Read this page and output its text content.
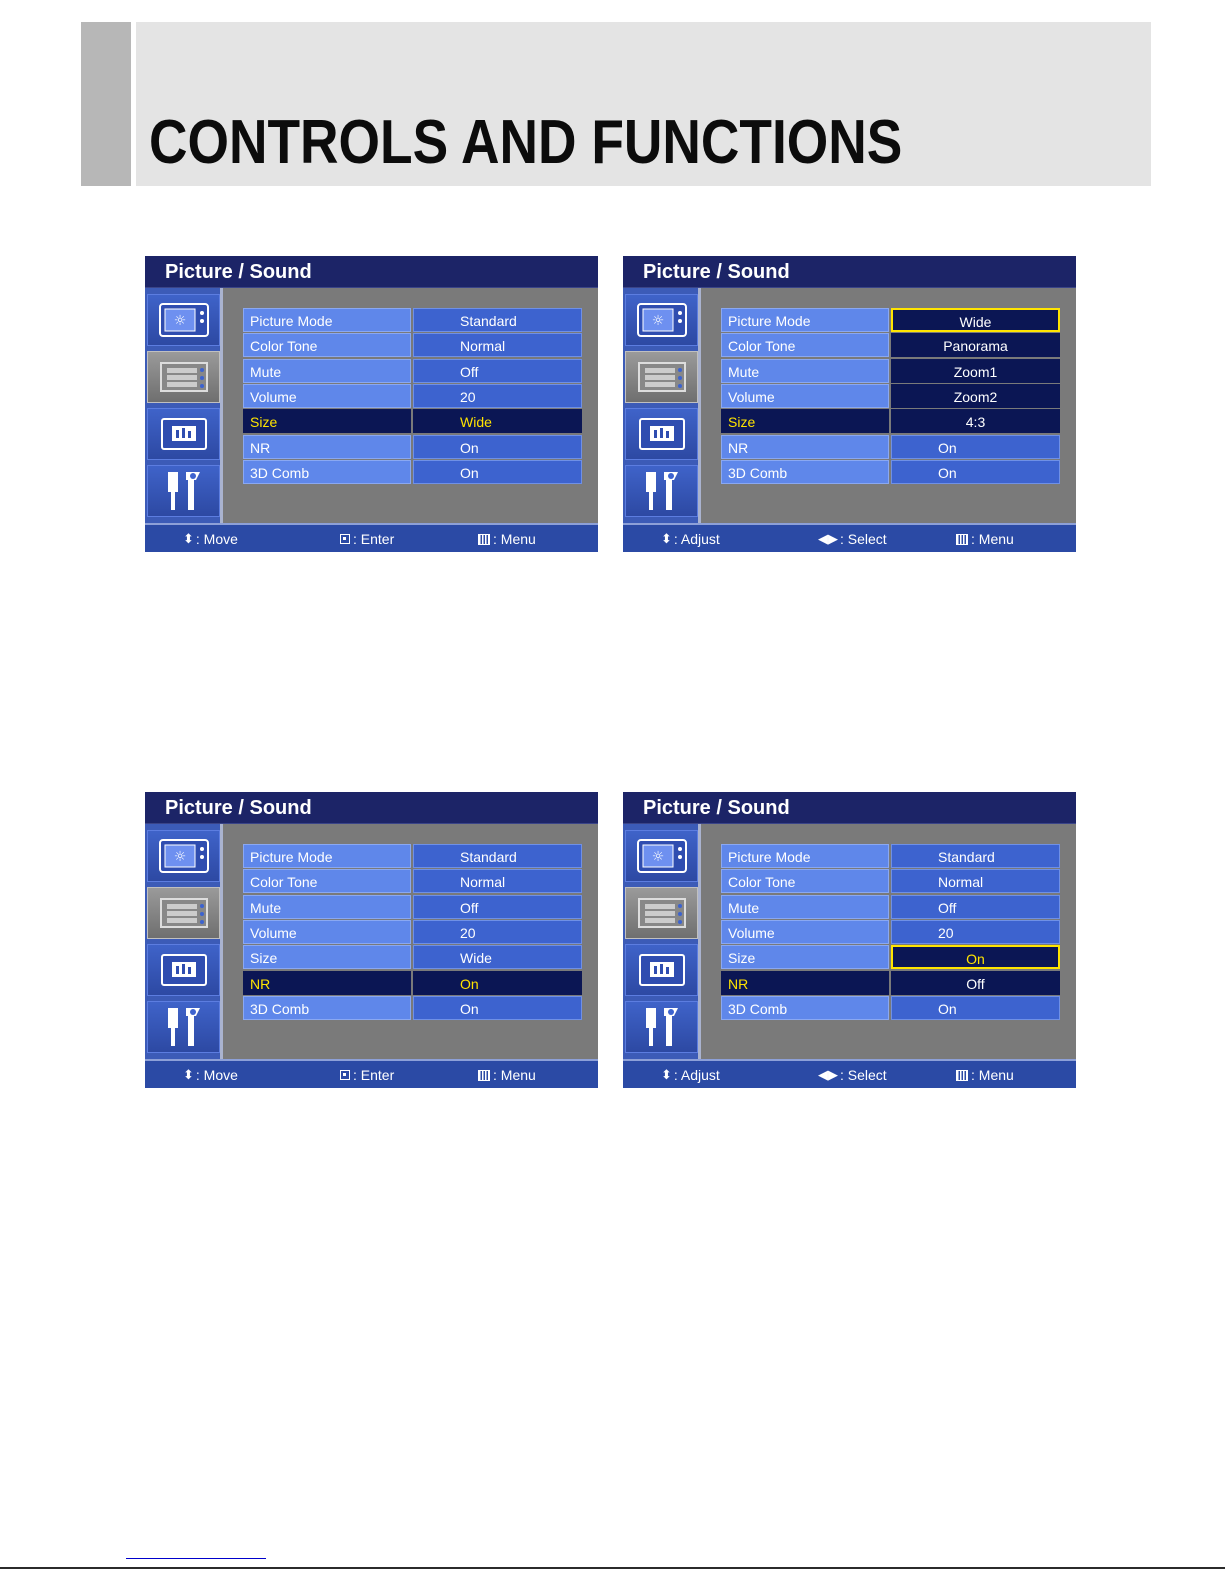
CONTROLS AND FUNCTIONS
Picture / Sound
☼	Picture Mode	Standard
Color Tone	Normal
Mute	Off
Volume	20
Size	Wide
NR	On
3D Comb	On
⬍ : Move	: Enter	: Menu
Picture / Sound
☼	Picture Mode	Wide
Color Tone	Panorama
Mute	Zoom1
Volume	Zoom2
Size	4:3
NR	On
3D Comb	On
⬍ : Adjust	◀▶ : Select	: Menu
Picture / Sound
☼	Picture Mode	Standard
Color Tone	Normal
Mute	Off
Volume	20
Size	Wide
NR	On
3D Comb	On
⬍ : Move	: Enter	: Menu
Picture / Sound
☼	Picture Mode	Standard
Color Tone	Normal
Mute	Off
Volume	20
Size	On
NR	Off
3D Comb	On
⬍ : Adjust	◀▶ : Select	: Menu
